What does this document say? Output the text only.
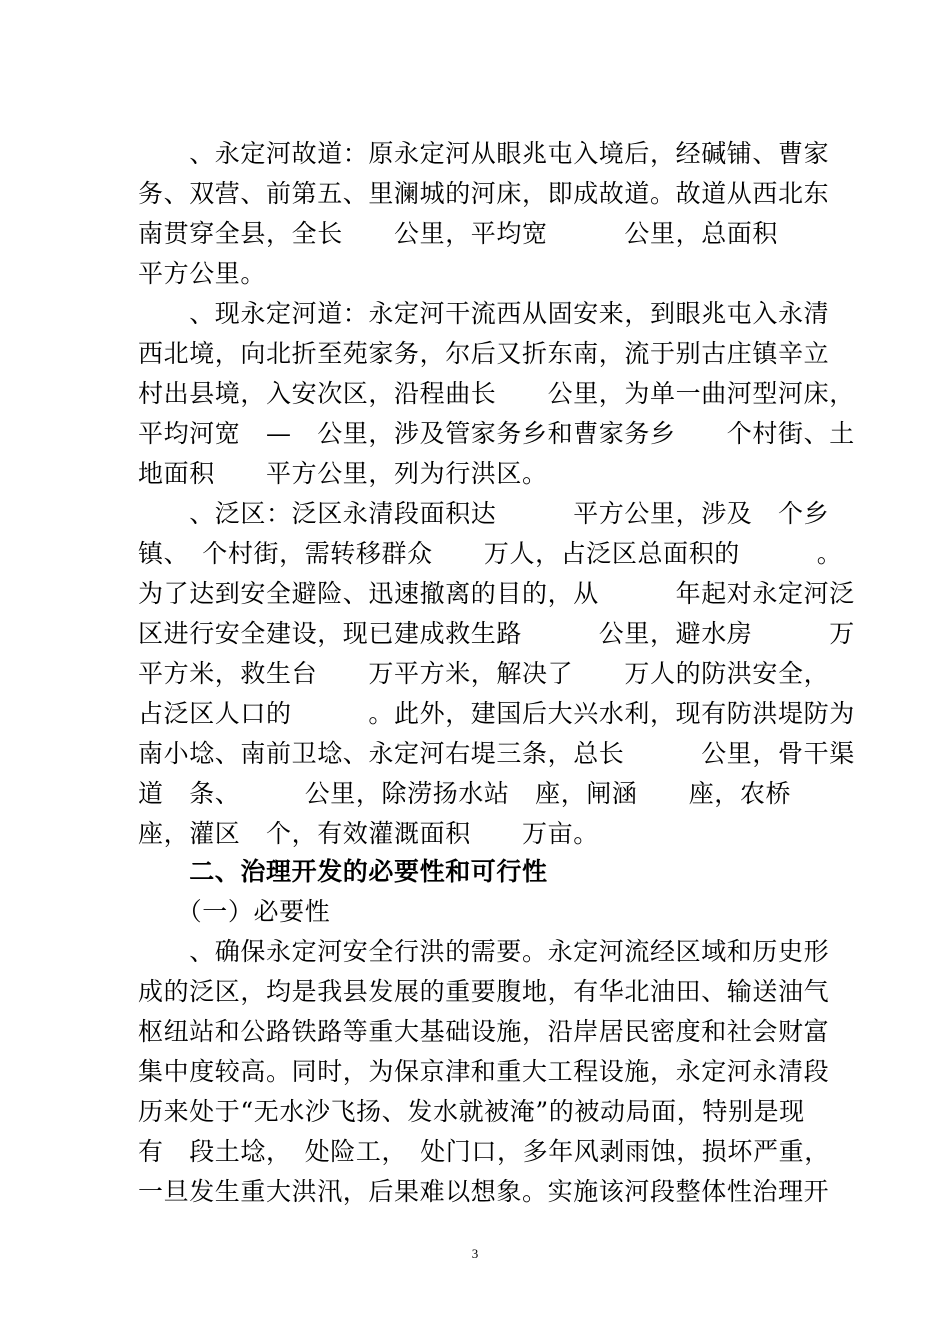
　　、永定河故道：原永定河从眼兆屯入境后，经碱铺、曹家
务、双营、前第五、里澜城的河床，即成故道。故道从西北东
南贯穿全县，全长　　公里，平均宽　　　公里，总面积
平方公里。
　　、现永定河道：永定河干流西从固安来，到眼兆屯入永清
西北境，向北折至苑家务，尔后又折东南，流于别古庄镇辛立
村出县境，入安次区，沿程曲长　　公里，为单一曲河型河床，
平均河宽　—　公里，涉及管家务乡和曹家务乡　　个村街、土
地面积　　平方公里，列为行洪区。
　　、泛区：泛区永清段面积达　　　平方公里，涉及　个乡
镇、　个村街，需转移群众　　万人，占泛区总面积的　　　。
为了达到安全避险、迅速撤离的目的，从　　　年起对永定河泛
区进行安全建设，现已建成救生路　　　公里，避水房　　　万
平方米，救生台　　万平方米，解决了　　万人的防洪安全，
占泛区人口的　　　。此外，建国后大兴水利，现有防洪堤防为
南小埝、南前卫埝、永定河右堤三条，总长　　　公里，骨干渠
道　条、　　　公里，除涝扬水站　座，闸涵　　座，农桥
座，灌区　个，有效灌溉面积　　万亩。
　　二、治理开发的必要性和可行性
　　（一）必要性
　　、确保永定河安全行洪的需要。永定河流经区域和历史形
成的泛区，均是我县发展的重要腹地，有华北油田、输送油气
枢纽站和公路铁路等重大基础设施，沿岸居民密度和社会财富
集中度较高。同时，为保京津和重大工程设施，永定河永清段
历来处于“无水沙飞扬、发水就被淹”的被动局面，特别是现
有　段土埝，　处险工，　处门口，多年风剥雨蚀，损坏严重，
一旦发生重大洪汛，后果难以想象。实施该河段整体性治理开
3
